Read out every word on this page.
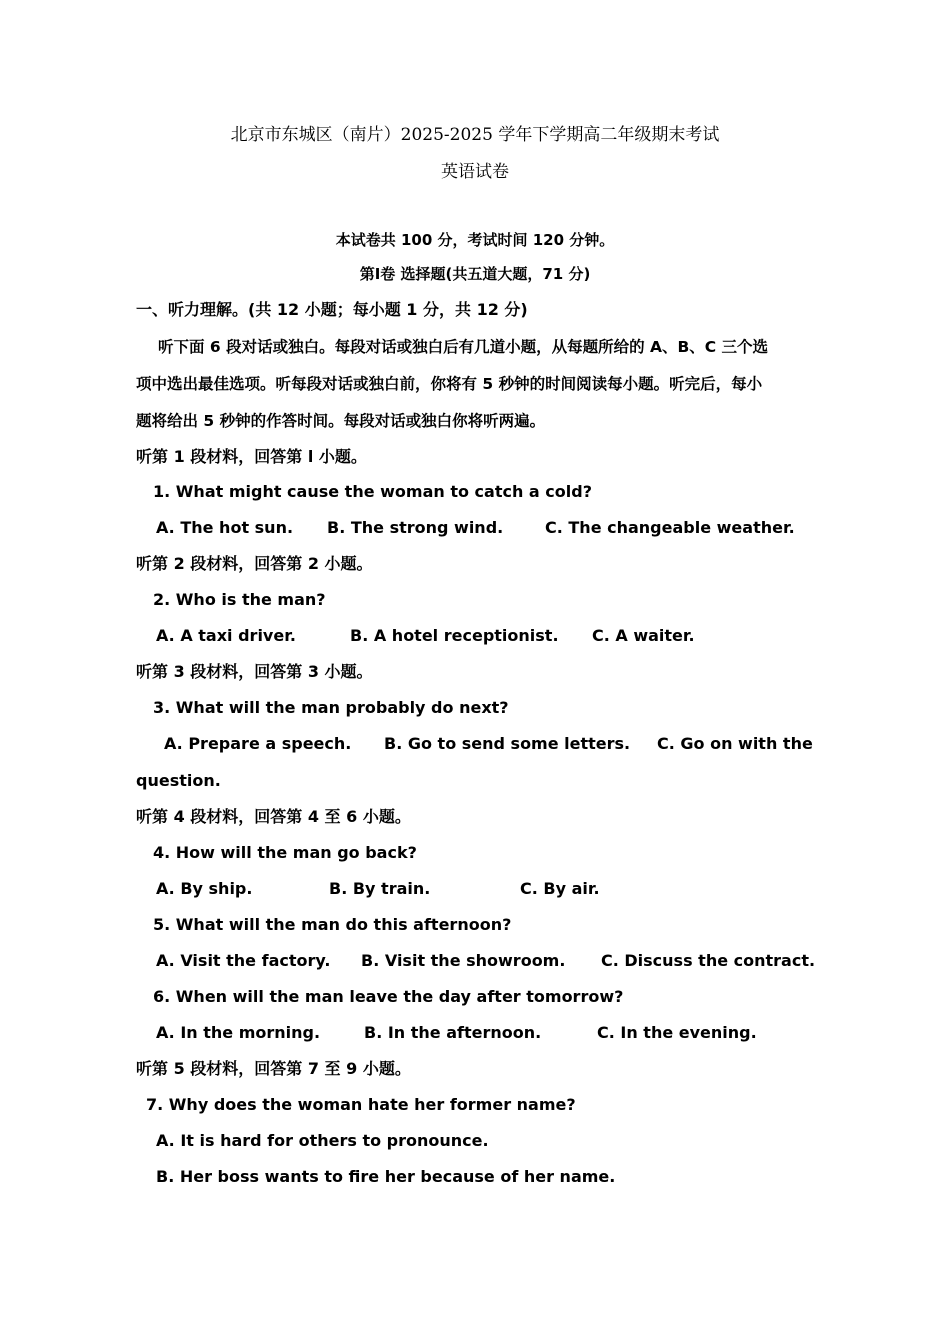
北京市东城区（南片）2025-2025 学年下学期高二年级期末考试
英语试卷
本试卷共 100 分，考试时间 120 分钟。
第Ⅰ卷 选择题(共五道大题，71 分)
一、听力理解。(共 12 小题；每小题 1 分，共 12 分)
听下面 6 段对话或独白。每段对话或独白后有几道小题，从每题所给的 A、B、C 三个选
项中选出最佳选项。听每段对话或独白前，你将有 5 秒钟的时间阅读每小题。听完后，每小
题将给出 5 秒钟的作答时间。每段对话或独白你将听两遍。
听第 1 段材料，回答第 l 小题。
1. What might cause the woman to catch a cold?
A. The hot sun. B. The strong wind.	C. The changeable weather.
听第 2 段材料，回答第 2 小题。
2. Who is the man?
A. A taxi driver.	B. A hotel receptionist. C. A waiter.
听第 3 段材料，回答第 3 小题。
3. What will the man probably do next?
A. Prepare a speech. B. Go to send some letters. C. Go on with the
question.
听第 4 段材料，回答第 4 至 6 小题。
4. How will the man go back?
A. By ship.	B. By train.	C. By air.
5. What will the man do this afternoon?
A. Visit the factory. B. Visit the showroom. C. Discuss the contract.
6. When will the man leave the day after tomorrow?
A. In the morning.	B. In the afternoon.	C. In the evening.
听第 5 段材料，回答第 7 至 9 小题。
7. Why does the woman hate her former name?
A. It is hard for others to pronounce.
B. Her boss wants to fire her because of her name.
